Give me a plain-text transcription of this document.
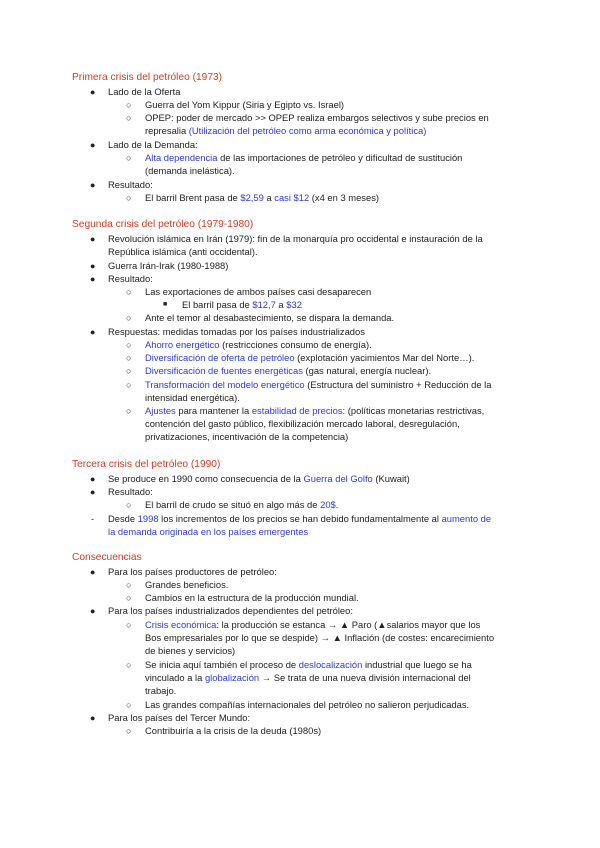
Primera crisis del petróleo (1973)
● Lado de la Oferta
○ Guerra del Yom Kippur (Siria y Egipto vs. Israel)
○ OPEP: poder de mercado >> OPEP realiza embargos selectivos y sube precios en
represalia (Utilización del petróleo como arma económica y política)
● Lado de la Demanda:
○ Alta dependencia de las importaciones de petróleo y dificultad de sustitución
(demanda inelástica).
● Resultado:
○ El barril Brent pasa de $2,59 a casi $12 (x4 en 3 meses)
Segunda crisis del petróleo (1979-1980)
● Revolución islámica en Irán (1979): fin de la monarquía pro occidental e instauración de la
República islámica (anti occidental).
● Guerra Irán-Irak (1980-1988)
● Resultado:
○ Las exportaciones de ambos países casi desaparecen
■ El barril pasa de $12,7 a $32
○ Ante el temor al desabastecimiento, se dispara la demanda.
● Respuestas: medidas tomadas por los países industrializados
○ Ahorro energético (restricciones consumo de energía).
○ Diversificación de oferta de petróleo (explotación yacimientos Mar del Norte…).
○ Diversificación de fuentes energéticas (gas natural, energía nuclear).
○ Transformación del modelo energético (Estructura del suministro + Reducción de la
intensidad energética).
○ Ajustes para mantener la estabilidad de precios: (políticas monetarias restrictivas,
contención del gasto público, flexibilización mercado laboral, desregulación,
privatizaciones, incentivación de la competencia)
Tercera crisis del petróleo (1990)
● Se produce en 1990 como consecuencia de la Guerra del Golfo (Kuwait)
● Resultado:
○ El barril de crudo se situó en algo más de 20$.
- Desde 1998 los incrementos de los precios se han debido fundamentalmente al aumento de
la demanda originada en los países emergentes
Consecuencias
● Para los países productores de petróleo:
○ Grandes beneficios.
○ Cambios en la estructura de la producción mundial.
● Para los países industrializados dependientes del petróleo:
○ Crisis económica: la producción se estanca → ▲ Paro (▲salarios mayor que los
Bos empresariales por lo que se despide) → ▲ Inflación (de costes: encarecimiento
de bienes y servicios)
○ Se inicia aquí también el proceso de deslocalización industrial que luego se ha
vinculado a la globalización → Se trata de una nueva división internacional del
trabajo.
○ Las grandes compañías internacionales del petróleo no salieron perjudicadas.
● Para los países del Tercer Mundo:
○ Contribuiría a la crisis de la deuda (1980s)
